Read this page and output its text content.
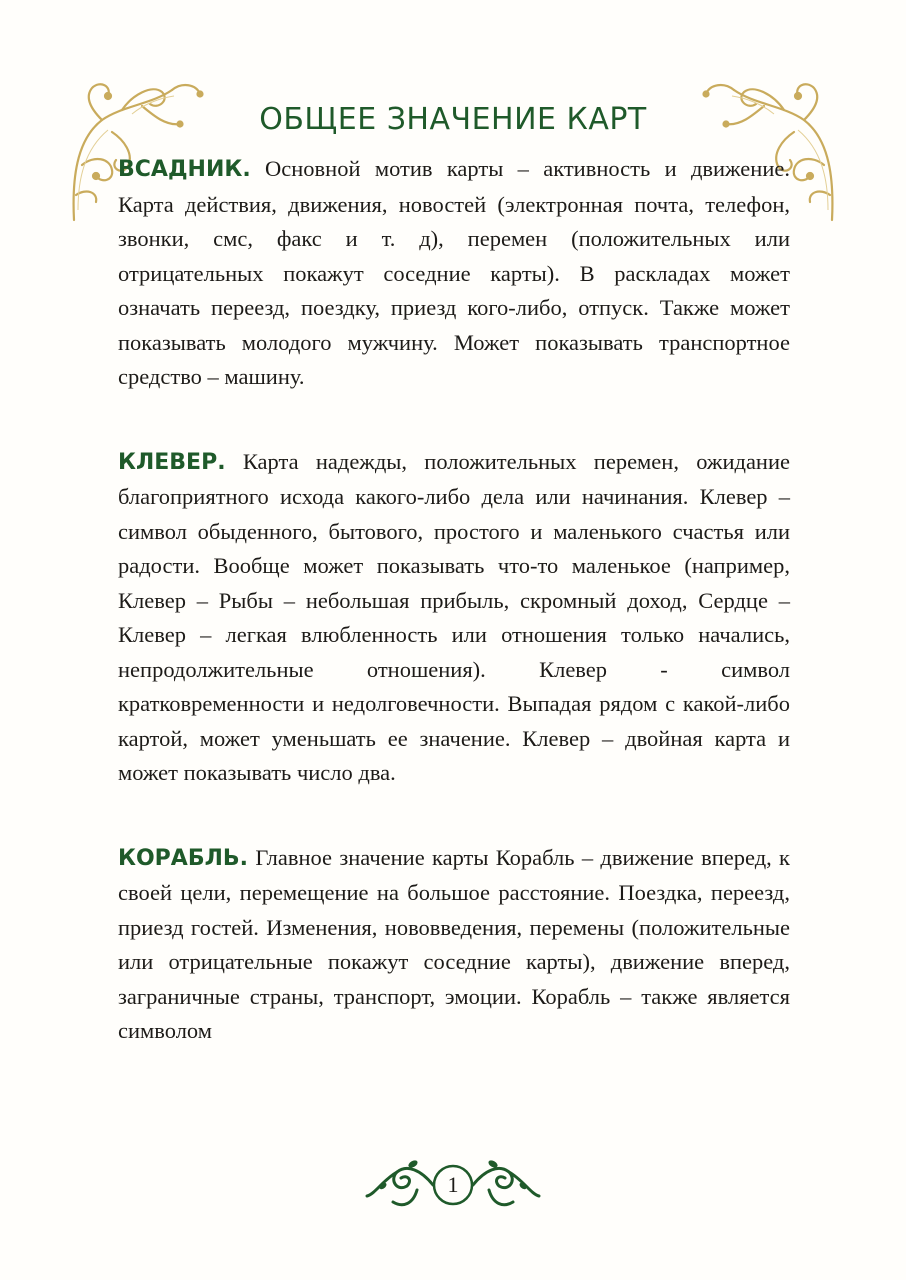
ОБЩЕЕ ЗНАЧЕНИЕ КАРТ

ВСАДНИК. Основной мотив карты – активность и движение. Карта действия, движения, новостей (электронная почта, телефон, звонки, смс, факс и т. д), перемен (положительных или отрицательных покажут соседние карты). В раскладах может означать переезд, поездку, приезд кого-либо, отпуск. Также может показывать молодого мужчину. Может показывать транспортное средство – машину.

КЛЕВЕР. Карта надежды, положительных перемен, ожидание благоприятного исхода какого-либо дела или начинания. Клевер – символ обыденного, бытового, простого и маленького счастья или радости. Вообще может показывать что-то маленькое (например, Клевер – Рыбы – небольшая прибыль, скромный доход, Сердце – Клевер – легкая влюбленность или отношения только начались, непродолжительные отношения). Клевер - символ кратковременности и недолговечности. Выпадая рядом с какой-либо картой, может уменьшать ее значение. Клевер – двойная карта и может показывать число два.

КОРАБЛЬ. Главное значение карты Корабль – движение вперед, к своей цели, перемещение на большое расстояние. Поездка, переезд, приезд гостей. Изменения, нововведения, перемены (положительные или отрицательные покажут соседние карты), движение вперед, заграничные страны, транспорт, эмоции. Корабль – также является символом

1
